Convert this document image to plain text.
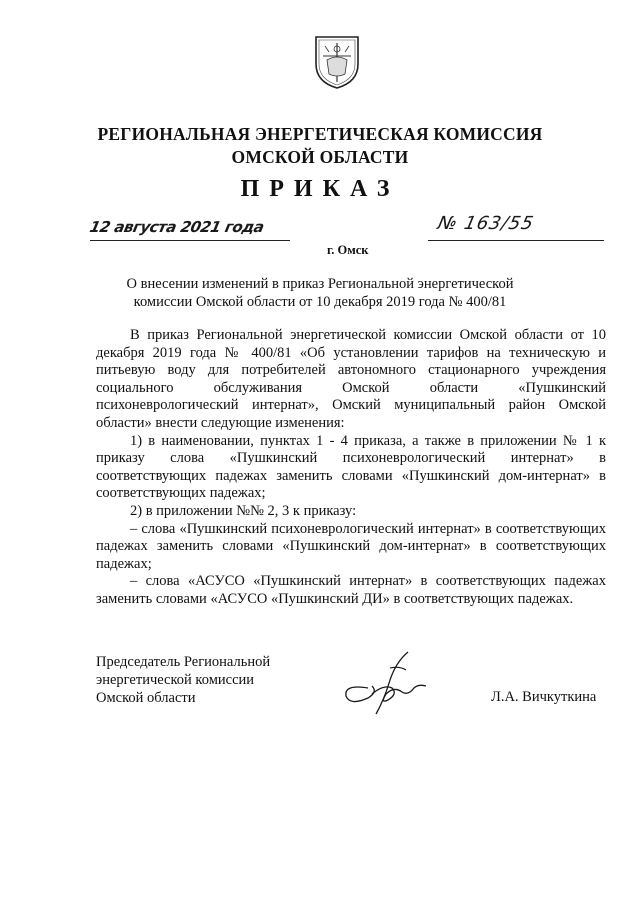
РЕГИОНАЛЬНАЯ ЭНЕРГЕТИЧЕСКАЯ КОМИССИЯ
ОМСКОЙ ОБЛАСТИ
ПРИКАЗ
12 августа 2021 года
г. Омск
№ 163/55
О внесении изменений в приказ Региональной энергетической
комиссии Омской области от 10 декабря 2019 года № 400/81

В приказ Региональной энергетической комиссии Омской области от 10 декабря 2019 года № 400/81 «Об установлении тарифов на техническую и питьевую воду для потребителей автономного стационарного учреждения социального обслуживания Омской области «Пушкинский психоневрологический интернат», Омский муниципальный район Омской области» внести следующие изменения:

1) в наименовании, пунктах 1 - 4 приказа, а также в приложении № 1 к приказу слова «Пушкинский психоневрологический интернат» в соответствующих падежах заменить словами «Пушкинский дом-интернат» в соответствующих падежах;

2) в приложении №№ 2, 3 к приказу:

– слова «Пушкинский психоневрологический интернат» в соответствующих падежах заменить словами «Пушкинский дом-интернат» в соответствующих падежах;

– слова «АСУСО «Пушкинский интернат» в соответствующих падежах заменить словами «АСУСО «Пушкинский ДИ» в соответствующих падежах.

Председатель Региональной
энергетической комиссии
Омской области	Л.А. Вичкуткина
